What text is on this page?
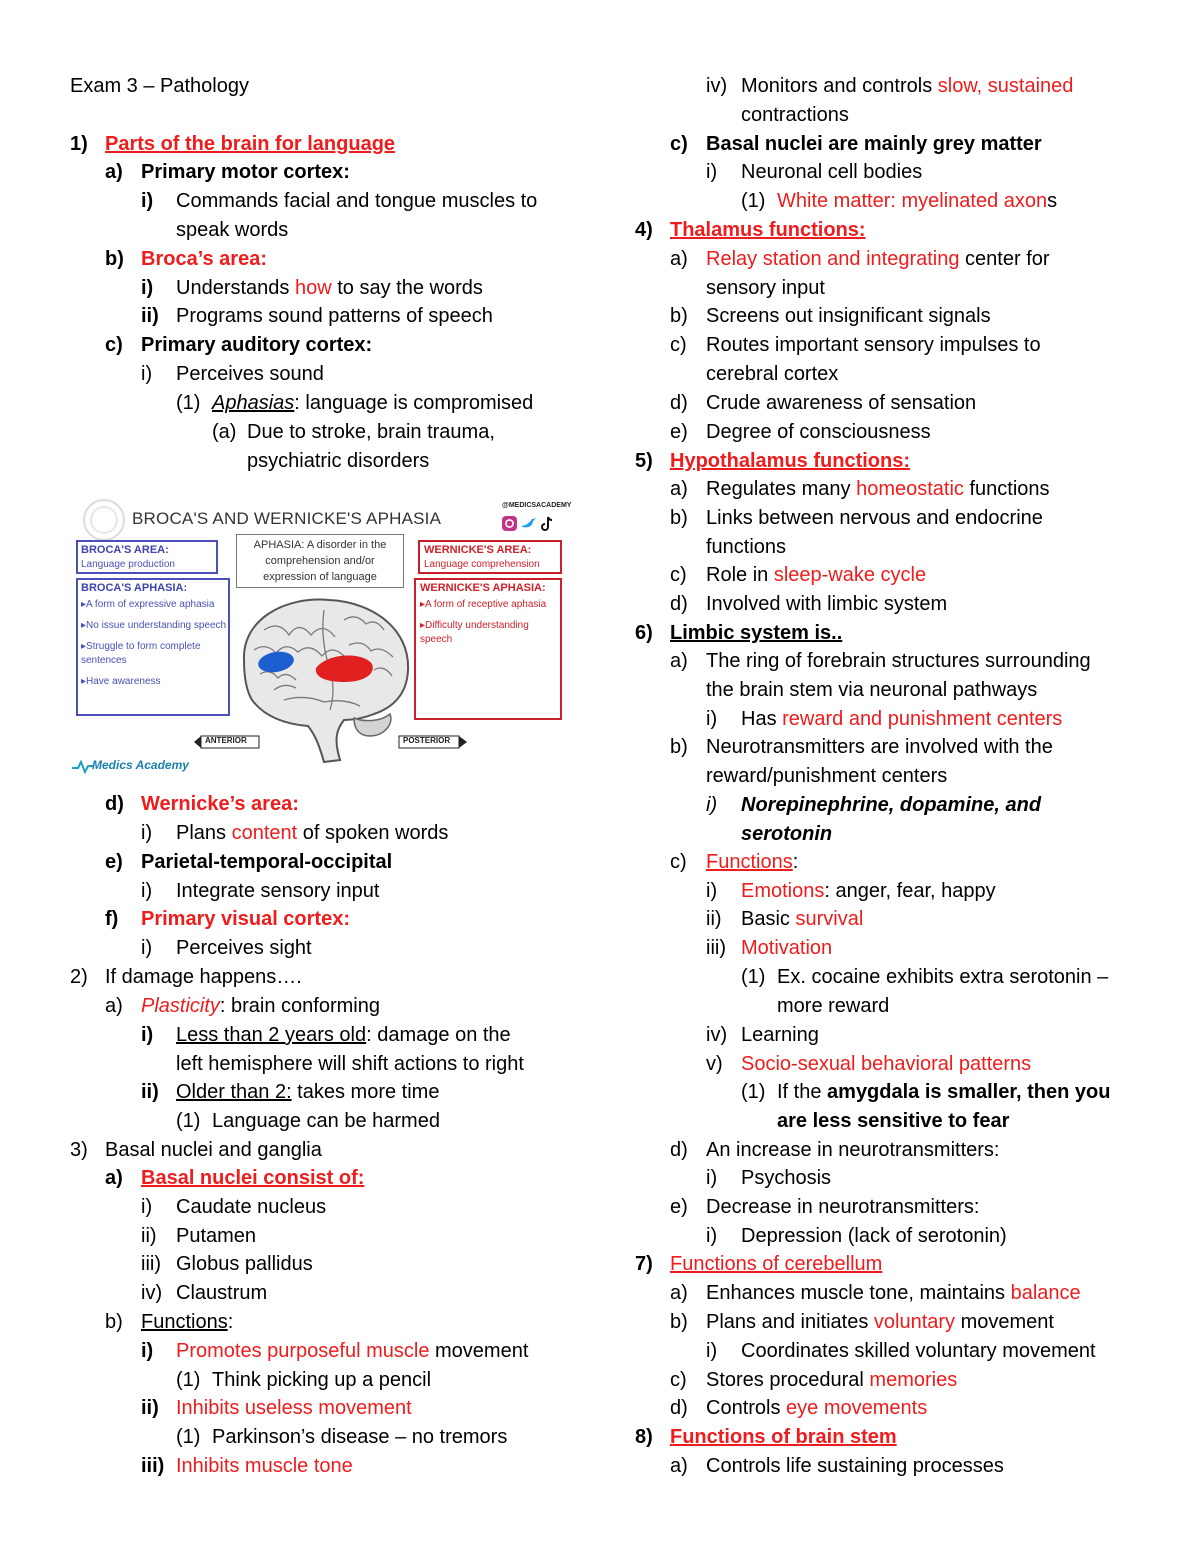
Exam 3 – Pathology
1) Parts of the brain for language
a) Primary motor cortex:
i) Commands facial and tongue muscles to
speak words
b) Broca’s area:
i) Understands how to say the words
ii) Programs sound patterns of speech
c) Primary auditory cortex:
i) Perceives sound
(1) Aphasias: language is compromised
(a) Due to stroke, brain trauma,
psychiatric disorders
d) Wernicke’s area:
i) Plans content of spoken words
e) Parietal-temporal-occipital
i) Integrate sensory input
f) Primary visual cortex:
i) Perceives sight
2) If damage happens….
a) Plasticity: brain conforming
i) Less than 2 years old: damage on the
left hemisphere will shift actions to right
ii) Older than 2: takes more time
(1) Language can be harmed
3) Basal nuclei and ganglia
a) Basal nuclei consist of:
i) Caudate nucleus
ii) Putamen
iii) Globus pallidus
iv) Claustrum
b) Functions:
i) Promotes purposeful muscle movement
(1) Think picking up a pencil
ii) Inhibits useless movement
(1) Parkinson’s disease – no tremors
iii) Inhibits muscle tone
iv) Monitors and controls slow, sustained
contractions
c) Basal nuclei are mainly grey matter
i) Neuronal cell bodies
(1) White matter: myelinated axons
4) Thalamus functions:
a) Relay station and integrating center for
sensory input
b) Screens out insignificant signals
c) Routes important sensory impulses to
cerebral cortex
d) Crude awareness of sensation
e) Degree of consciousness
5) Hypothalamus functions:
a) Regulates many homeostatic functions
b) Links between nervous and endocrine
functions
c) Role in sleep-wake cycle
d) Involved with limbic system
6) Limbic system is..
a) The ring of forebrain structures surrounding
the brain stem via neuronal pathways
i) Has reward and punishment centers
b) Neurotransmitters are involved with the
reward/punishment centers
i) Norepinephrine, dopamine, and
serotonin
c) Functions:
i) Emotions: anger, fear, happy
ii) Basic survival
iii) Motivation
(1) Ex. cocaine exhibits extra serotonin –
more reward
iv) Learning
v) Socio-sexual behavioral patterns
(1) If the amygdala is smaller, then you
are less sensitive to fear
d) An increase in neurotransmitters:
i) Psychosis
e) Decrease in neurotransmitters:
i) Depression (lack of serotonin)
7) Functions of cerebellum
a) Enhances muscle tone, maintains balance
b) Plans and initiates voluntary movement
i) Coordinates skilled voluntary movement
c) Stores procedural memories
d) Controls eye movements
8) Functions of brain stem
a) Controls life sustaining processes
BROCA'S AND WERNICKE'S APHASIA
@MEDICSACADEMY
BROCA'S AREA:
Language production
APHASIA: A disorder in the comprehension and/or expression of language
WERNICKE'S AREA:
Language comprehension
BROCA'S APHASIA:
▸A form of expressive aphasia
▸No issue understanding speech
▸Struggle to form complete sentences
▸Have awareness
WERNICKE'S APHASIA:
▸A form of receptive aphasia
▸Difficulty understanding speech
ANTERIOR	POSTERIOR
Medics Academy
